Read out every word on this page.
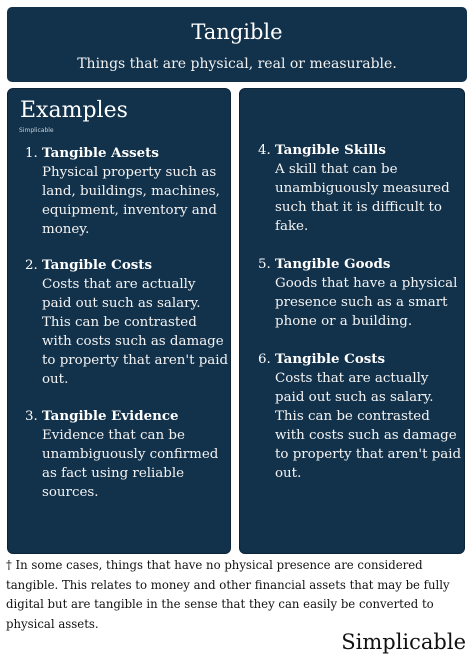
Tangible
Things that are physical, real or measurable.
Examples
Simplicable
1. Tangible Assets
Physical property such as land, buildings, machines, equipment, inventory and money.
2. Tangible Costs
Costs that are actually paid out such as salary. This can be contrasted with costs such as damage to property that aren't paid out.
3. Tangible Evidence
Evidence that can be unambiguously confirmed as fact using reliable sources.
4. Tangible Skills
A skill that can be unambiguously measured such that it is difficult to fake.
5. Tangible Goods
Goods that have a physical presence such as a smart phone or a building.
6. Tangible Costs
Costs that are actually paid out such as salary. This can be contrasted with costs such as damage to property that aren't paid out.
† In some cases, things that have no physical presence are considered tangible. This relates to money and other financial assets that may be fully digital but are tangible in the sense that they can easily be converted to physical assets.
Simplicable
